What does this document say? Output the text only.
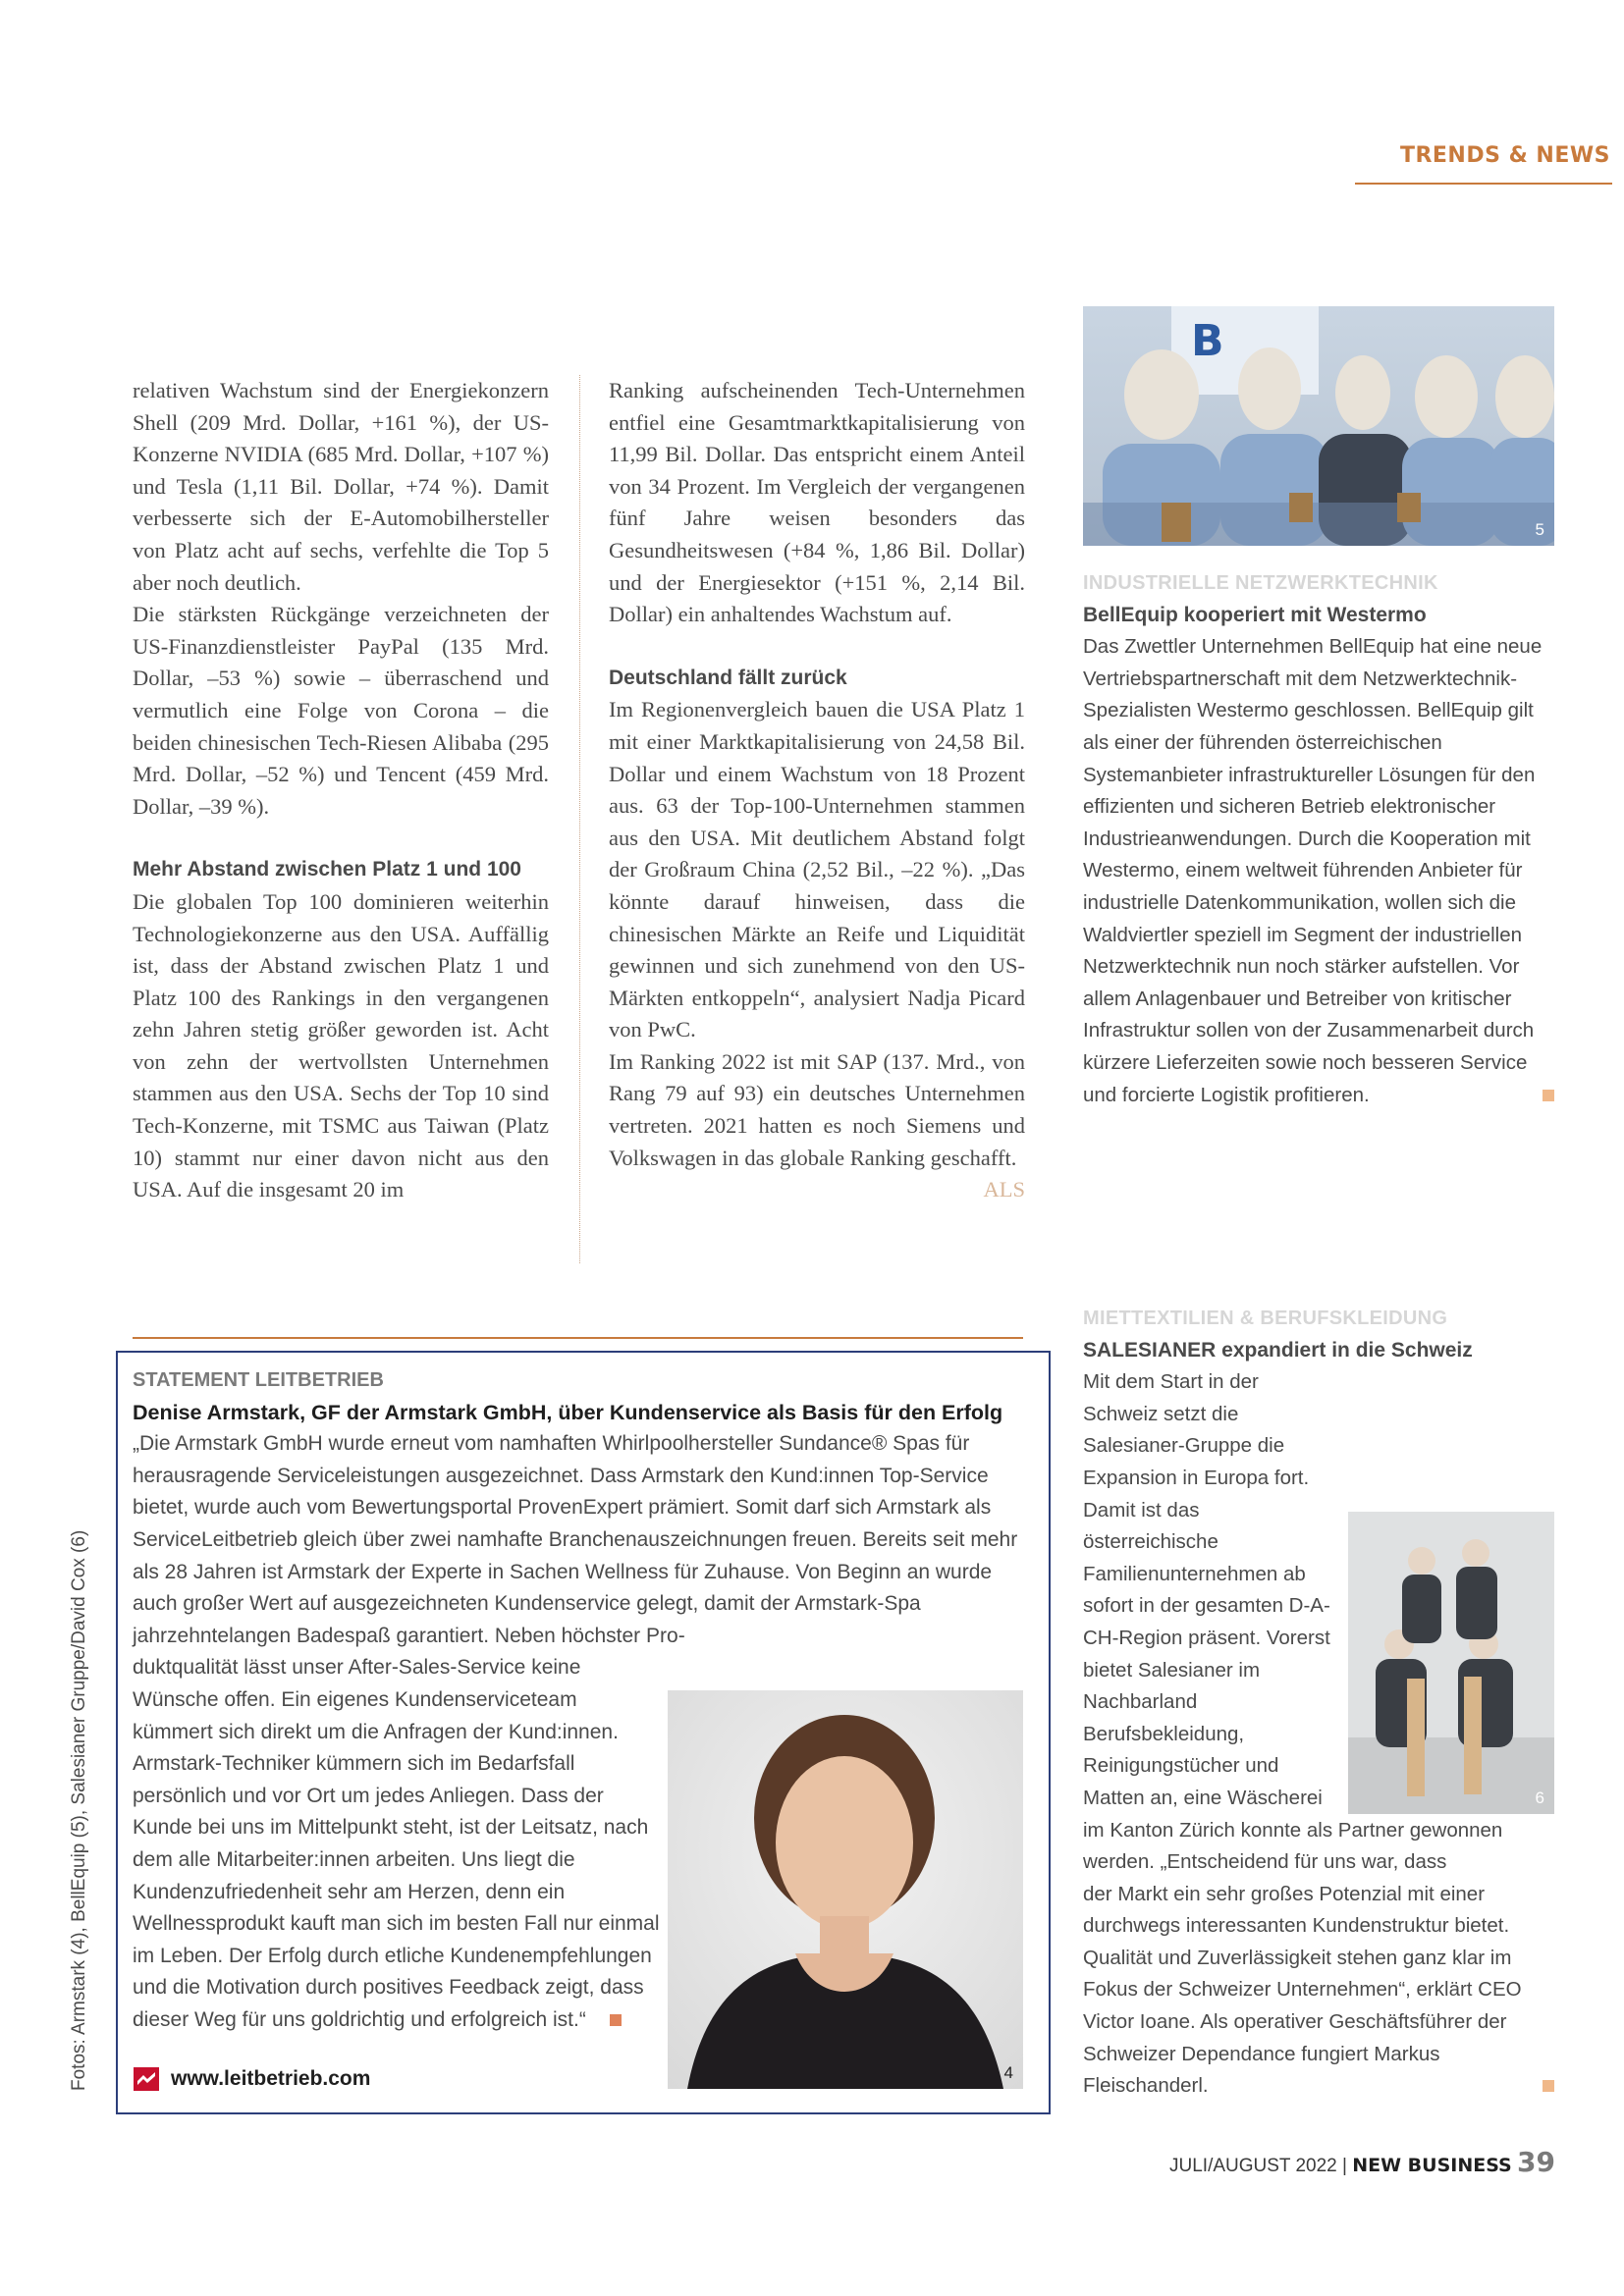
TRENDS & NEWS

relativen Wachstum sind der Energiekonzern Shell (209 Mrd. Dollar, +161 %), der US-Konzerne NVIDIA (685 Mrd. Dollar, +107 %) und Tesla (1,11 Bil. Dollar, +74 %). Damit verbesserte sich der E-Automobilhersteller von Platz acht auf sechs, verfehlte die Top 5 aber noch deutlich.

Die stärksten Rückgänge verzeichneten der US-Finanzdienstleister PayPal (135 Mrd. Dollar, –53 %) sowie – überraschend und vermutlich eine Folge von Corona – die beiden chinesischen Tech-Riesen Alibaba (295 Mrd. Dollar, –52 %) und Tencent (459 Mrd. Dollar, –39 %).

Mehr Abstand zwischen Platz 1 und 100

Die globalen Top 100 dominieren weiterhin Technologiekonzerne aus den USA. Auffällig ist, dass der Abstand zwischen Platz 1 und Platz 100 des Rankings in den vergangenen zehn Jahren stetig größer geworden ist. Acht von zehn der wertvollsten Unternehmen stammen aus den USA. Sechs der Top 10 sind Tech-Konzerne, mit TSMC aus Taiwan (Platz 10) stammt nur einer davon nicht aus den USA. Auf die insgesamt 20 im

Ranking aufscheinenden Tech-Unternehmen entfiel eine Gesamtmarktkapitalisierung von 11,99 Bil. Dollar. Das entspricht einem Anteil von 34 Prozent. Im Vergleich der vergangenen fünf Jahre weisen besonders das Gesundheitswesen (+84 %, 1,86 Bil. Dollar) und der Energiesektor (+151 %, 2,14 Bil. Dollar) ein anhaltendes Wachstum auf.

Deutschland fällt zurück

Im Regionenvergleich bauen die USA Platz 1 mit einer Marktkapitalisierung von 24,58 Bil. Dollar und einem Wachstum von 18 Prozent aus. 63 der Top-100-Unternehmen stammen aus den USA. Mit deutlichem Abstand folgt der Großraum China (2,52 Bil., –22 %). „Das könnte darauf hinweisen, dass die chinesischen Märkte an Reife und Liquidität gewinnen und sich zunehmend von den US-Märkten entkoppeln“, analysiert Nadja Picard von PwC.

Im Ranking 2022 ist mit SAP (137. Mrd., von Rang 79 auf 93) ein deutsches Unternehmen vertreten. 2021 hatten es noch Siemens und Volkswagen in das globale Ranking geschafft.
ALS

B
5

INDUSTRIELLE NETZWERKTECHNIK

BellEquip kooperiert mit Westermo

Das Zwettler Unternehmen BellEquip hat eine neue Vertriebspartnerschaft mit dem Netzwerktechnik-Spezialisten Westermo geschlossen. BellEquip gilt als einer der führenden österreichischen Systemanbieter infrastruktureller Lösungen für den effizienten und sicheren Betrieb elektronischer Industrieanwendungen. Durch die Kooperation mit Westermo, einem weltweit führenden Anbieter für industrielle Datenkommunikation, wollen sich die Waldviertler speziell im Segment der industriellen Netzwerktechnik nun noch stärker aufstellen. Vor allem Anlagenbauer und Betreiber von kritischer Infrastruktur sollen von der Zusammenarbeit durch kürzere Lieferzeiten sowie noch besseren Service und forcierte Logistik profitieren.

MIETTEXTILIEN & BERUFSKLEIDUNG

SALESIANER expandiert in die Schweiz

Mit dem Start in der Schweiz setzt die Salesianer-Gruppe die Expansion in Europa fort. Damit ist das österreichische Familienunternehmen ab sofort in der gesamten D-A-CH-Region präsent. Vorerst bietet Salesianer im Nachbarland Berufsbekleidung, Reinigungstücher und Matten an, eine Wäscherei im Kanton Zürich konnte als Partner gewonnen werden. „Entscheidend für uns war, dass

der Markt ein sehr großes Potenzial mit einer durchwegs interessanten Kundenstruktur bietet. Qualität und Zuverlässigkeit stehen ganz klar im Fokus der Schweizer Unternehmen“, erklärt CEO Victor Ioane. Als operativer Geschäftsführer der Schweizer Dependance fungiert Markus Fleischanderl.

6

STATEMENT LEITBETRIEB

Denise Armstark, GF der Armstark GmbH, über Kundenservice als Basis für den Erfolg

„Die Armstark GmbH wurde erneut vom namhaften Whirlpoolhersteller Sundance® Spas für herausragende Serviceleistungen ausgezeichnet. Dass Armstark den Kund:innen Top-Service bietet, wurde auch vom Bewertungsportal ProvenExpert prämiert. Somit darf sich Armstark als ServiceLeitbetrieb gleich über zwei namhafte Branchenauszeichnungen freuen. Bereits seit mehr als 28 Jahren ist Armstark der Experte in Sachen Wellness für Zuhause. Von Beginn an wurde auch großer Wert auf ausgezeichneten Kundenservice gelegt, damit der Armstark-Spa jahrzehntelangen Badespaß garantiert. Neben höchster Pro-

duktqualität lässt unser After-Sales-Service keine Wünsche offen. Ein eigenes Kundenserviceteam kümmert sich direkt um die Anfragen der Kund:innen. Armstark-Techniker kümmern sich im Bedarfsfall persönlich und vor Ort um jedes Anliegen. Dass der Kunde bei uns im Mittelpunkt steht, ist der Leitsatz, nach dem alle Mitarbeiter:innen arbeiten. Uns liegt die Kundenzufriedenheit sehr am Herzen, denn ein Wellnessprodukt kauft man sich im besten Fall nur einmal im Leben. Der Erfolg durch etliche Kundenempfehlungen und die Motivation durch positives Feedback zeigt, dass dieser Weg für uns goldrichtig und erfolgreich ist.“

4
www.leitbetrieb.com
Fotos: Armstark (4), BellEquip (5), Salesianer Gruppe/David Cox (6)
JULI/AUGUST 2022 | NEW BUSINESS 39
